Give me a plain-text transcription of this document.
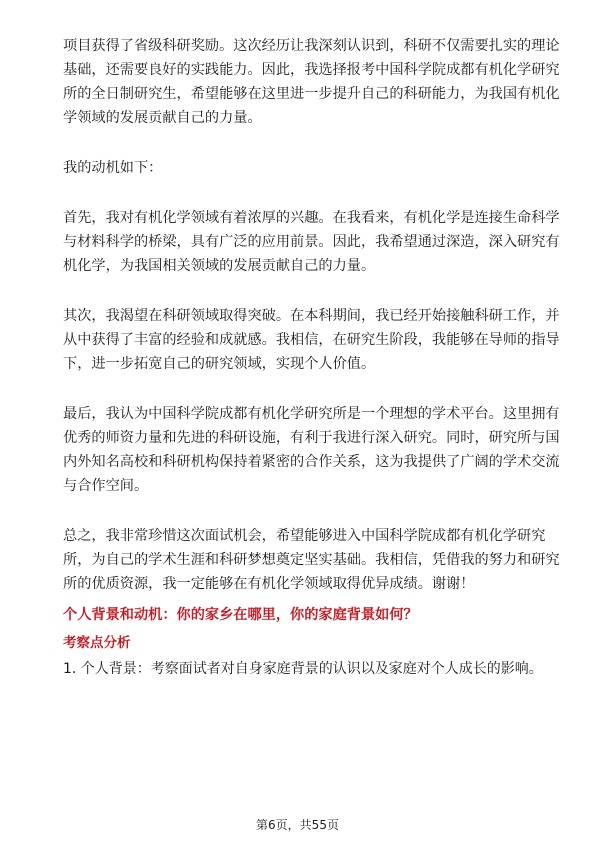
项目获得了省级科研奖励。这次经历让我深刻认识到，科研不仅需要扎实的理论基础，还需要良好的实践能力。因此，我选择报考中国科学院成都有机化学研究所的全日制研究生，希望能够在这里进一步提升自己的科研能力，为我国有机化学领域的发展贡献自己的力量。

我的动机如下：

首先，我对有机化学领域有着浓厚的兴趣。在我看来，有机化学是连接生命科学与材料科学的桥梁，具有广泛的应用前景。因此，我希望通过深造，深入研究有机化学，为我国相关领域的发展贡献自己的力量。

其次，我渴望在科研领域取得突破。在本科期间，我已经开始接触科研工作，并从中获得了丰富的经验和成就感。我相信，在研究生阶段，我能够在导师的指导下，进一步拓宽自己的研究领域，实现个人价值。

最后，我认为中国科学院成都有机化学研究所是一个理想的学术平台。这里拥有优秀的师资力量和先进的科研设施，有利于我进行深入研究。同时，研究所与国内外知名高校和科研机构保持着紧密的合作关系，这为我提供了广阔的学术交流与合作空间。

总之，我非常珍惜这次面试机会，希望能够进入中国科学院成都有机化学研究所，为自己的学术生涯和科研梦想奠定坚实基础。我相信，凭借我的努力和研究所的优质资源，我一定能够在有机化学领域取得优异成绩。谢谢！

个人背景和动机：你的家乡在哪里，你的家庭背景如何？

考察点分析

1. 个人背景：考察面试者对自身家庭背景的认识以及家庭对个人成长的影响。

第6页，共55页
